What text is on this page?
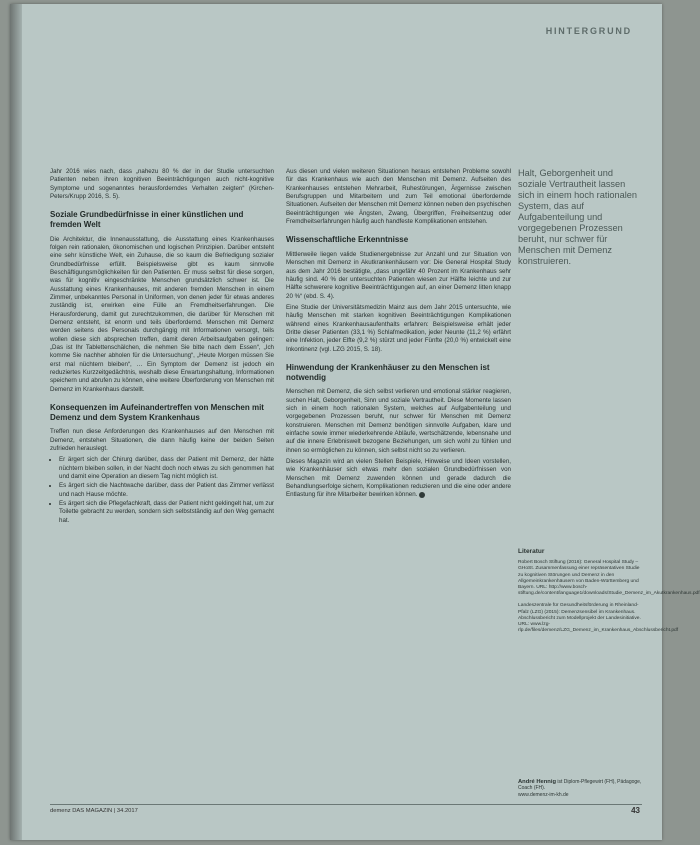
HINTERGRUND

Jahr 2016 wies nach, dass „nahezu 80 % der in der Studie untersuchten Patienten neben ihren kognitiven Beeinträchtigungen auch nicht-kognitive Symptome und sogenanntes herausforderndes Verhalten zeigten“ (Kirchen-Peters/Krupp 2016, S. 5).

Soziale Grundbedürfnisse in einer künstlichen und fremden Welt

Die Architektur, die Innenausstattung, die Ausstattung eines Krankenhauses folgen rein rationalen, ökonomischen und logischen Prinzipien. Darüber entsteht eine sehr künstliche Welt, ein Zuhause, die so kaum die Befriedigung sozialer Grundbedürfnisse erfüllt. Beispielsweise gibt es kaum sinnvolle Beschäftigungsmöglichkeiten für den Patienten. Er muss selbst für diese sorgen, was für kognitiv eingeschränkte Menschen grundsätzlich schwer ist. Die Ausstattung eines Krankenhauses, mit anderen fremden Menschen in einem Zimmer, unbekanntes Personal in Uniformen, von denen jeder für etwas anderes zuständig ist, erwirken eine Fülle an Fremdheitserfahrungen. Die Herausforderung, damit gut zurechtzukommen, die darüber für Menschen mit Demenz entsteht, ist enorm und teils überfordernd. Menschen mit Demenz werden seitens des Personals durchgängig mit Informationen versorgt, teils wollen diese sich absprechen treffen, damit deren Arbeitsaufgaben gelingen: „Das ist Ihr Tablettenschälchen, die nehmen Sie bitte nach dem Essen“, „Ich komme Sie nachher abholen für die Untersuchung“, „Heute Morgen müssen Sie erst mal nüchtern bleiben“, … Ein Symptom der Demenz ist jedoch ein reduziertes Kurzzeitgedächtnis, weshalb diese Erwartungshaltung, Informationen speichern und abrufen zu können, eine weitere Überforderung von Menschen mit Demenz im Krankenhaus darstellt.

Konsequenzen im Aufeinandertreffen von Menschen mit Demenz und dem System Krankenhaus

Treffen nun diese Anforderungen des Krankenhauses auf den Menschen mit Demenz, entstehen Situationen, die dann häufig keine der beiden Seiten zufrieden herauslegt.

• Er ärgert sich der Chirurg darüber, dass der Patient mit Demenz, der hätte nüchtern bleiben sollen, in der Nacht doch noch etwas zu sich genommen hat und damit eine Operation an diesem Tag nicht möglich ist.
• Es ärgert sich die Nachtwache darüber, dass der Patient das Zimmer verlässt und nach Hause möchte.
• Es ärgert sich die Pflegefachkraft, dass der Patient nicht geklingelt hat, um zur Toilette gebracht zu werden, sondern sich selbstständig auf den Weg gemacht hat.

Aus diesen und vielen weiteren Situationen heraus entstehen Probleme sowohl für das Krankenhaus wie auch den Menschen mit Demenz. Aufseiten des Krankenhauses entstehen Mehrarbeit, Ruhestörungen, Ärgernisse zwischen Berufsgruppen und Mitarbeitern und zum Teil emotional überfordernde Situationen. Aufseiten der Menschen mit Demenz können neben den psychischen Beeinträchtigungen wie Ängsten, Zwang, Übergriffen, Freiheitsentzug oder Fremdheitserfahrungen häufig auch handfeste Komplikationen entstehen.

Wissenschaftliche Erkenntnisse

Mittlerweile liegen valide Studienergebnisse zur Anzahl und zur Situation von Menschen mit Demenz in Akutkrankenhäusern vor: Die General Hospital Study aus dem Jahr 2016 bestätigte, „dass ungefähr 40 Prozent im Krankenhaus sehr häufig sind. 40 % der untersuchten Patienten wiesen zur Hälfte leichte und zur Hälfte schwerere kognitive Beeinträchtigungen auf, an einer Demenz litten knapp 20 %“ (ebd. S. 4).

Eine Studie der Universitätsmedizin Mainz aus dem Jahr 2015 untersuchte, wie häufig Menschen mit starken kognitiven Beeinträchtigungen Komplikationen während eines Krankenhausaufenthalts erfahren: Beispielsweise erhält jeder Dritte dieser Patienten (33,1 %) Schlafmedikation, jeder Neunte (11,2 %) erfährt eine Infektion, jeder Elfte (9,2 %) stürzt und jeder Fünfte (20,0 %) entwickelt eine Inkontinenz (vgl. LZG 2015, S. 18).

Hinwendung der Krankenhäuser zu den Menschen ist notwendig

Menschen mit Demenz, die sich selbst verlieren und emotional stärker reagieren, suchen Halt, Geborgenheit, Sinn und soziale Vertrautheit. Diese Momente lassen sich in einem hoch rationalen System, welches auf Aufgabenteilung und vorgegebenen Prozessen beruht, nur schwer für Menschen mit Demenz konstruieren. Menschen mit Demenz benötigen sinnvolle Aufgaben, klare und einfache sowie immer wiederkehrende Abläufe, wertschätzende, lebensnahe und auf die innere Erlebniswelt bezogene Beziehungen, um sich wohl zu fühlen und ihnen so ermöglichen zu können, sich selbst nicht so zu verlieren.

Dieses Magazin wird an vielen Stellen Beispiele, Hinweise und Ideen vorstellen, wie Krankenhäuser sich etwas mehr den sozialen Grundbedürfnissen von Menschen mit Demenz zuwenden können und gerade dadurch die Behandlungserfolge sichern, Komplikationen reduzieren und die eine oder andere Entlastung für ihre Mitarbeiter bewirken können.

Halt, Geborgenheit und soziale Vertrautheit lassen sich in einem hoch rationalen System, das auf Aufgabenteilung und vorgegebenen Prozessen beruht, nur schwer für Menschen mit Demenz konstruieren.

Literatur

Robert Bosch Stiftung (2016): General Hospital Study – GHoSt. Zusammenfassung einer repräsentativen Studie zu kognitiven Störungen und Demenz in den Allgemeinkrankenhäusern von Baden-Württemberg und Bayern. URL: http://www.bosch-stiftung.de/content/language1/downloads/Studie_Demenz_im_Akutkrankenhaus.pdf

Landeszentrale für Gesundheitsförderung in Rheinland-Pfalz (LZG) (2015): Demenzsensibel im Krankenhaus. Abschlussbericht zum Modellprojekt der Landesinitiative. URL: www.lzg-rlp.de/files/demenz/LZG_Demenz_im_Krankenhaus_Abschlussbericht.pdf

André Hennig ist Diplom-Pflegewirt (FH), Pädagoge, Coach (FH).
www.demenz-im-kh.de
demenz DAS MAGAZIN | 34.2017	43
